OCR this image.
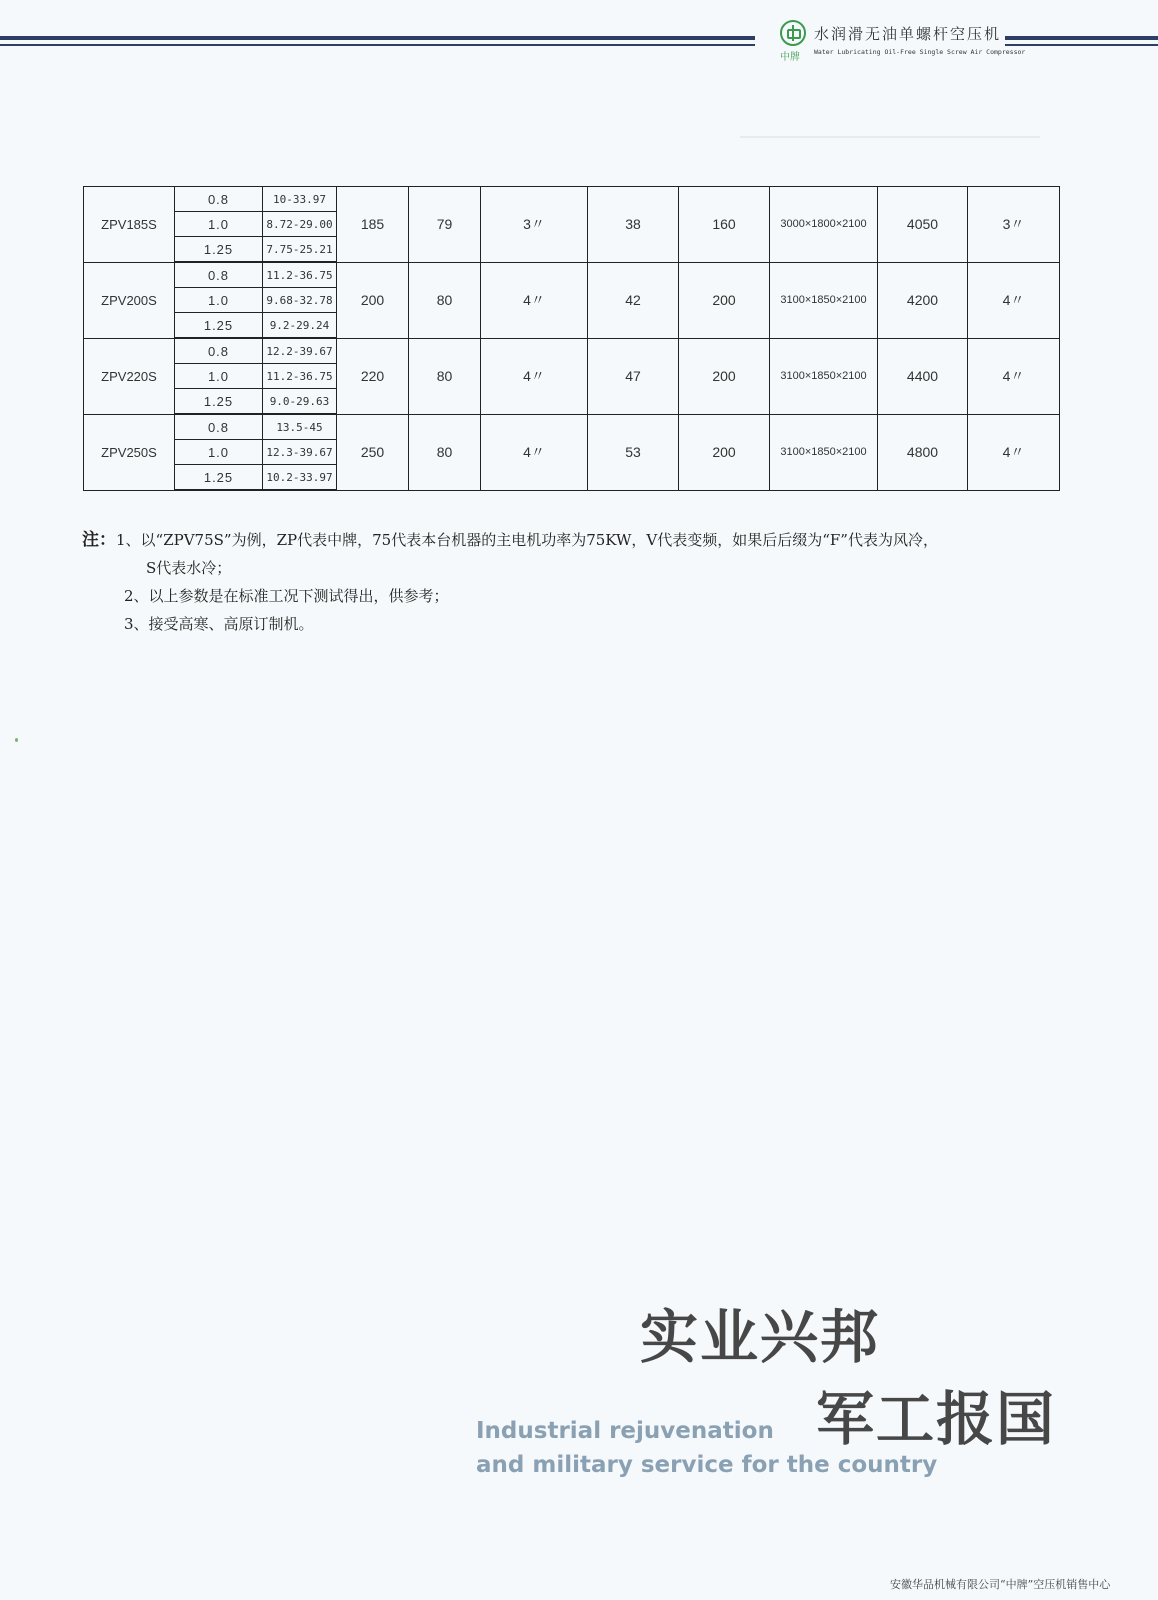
中牌
水润滑无油单螺杆空压机
Water Lubricating Oil-Free Single Screw Air Compressor
ZPV185S	0.8	10-33.97	185	79	3〃	38	160	3000×1800×2100	4050	3〃
	1.0	8.72-29.00								
	1.25	7.75-25.21								
ZPV200S	0.8	11.2-36.75	200	80	4〃	42	200	3100×1850×2100	4200	4〃
	1.0	9.68-32.78								
	1.25	9.2-29.24								
ZPV220S	0.8	12.2-39.67	220	80	4〃	47	200	3100×1850×2100	4400	4〃
	1.0	11.2-36.75								
	1.25	9.0-29.63								
ZPV250S	0.8	13.5-45	250	80	4〃	53	200	3100×1850×2100	4800	4〃
	1.0	12.3-39.67								
	1.25	10.2-33.97								
注：1、以“ZPV75S”为例，ZP代表中牌，75代表本台机器的主电机功率为75KW，V代表变频，如果后后缀为“F”代表为风冷，
S代表水冷；
2、以上参数是在标准工况下测试得出，供参考；
3、接受高寒、高原订制机。
实业兴邦
军工报国
Industrial rejuvenation
and military service for the country
安徽华品机械有限公司“中牌”空压机销售中心
